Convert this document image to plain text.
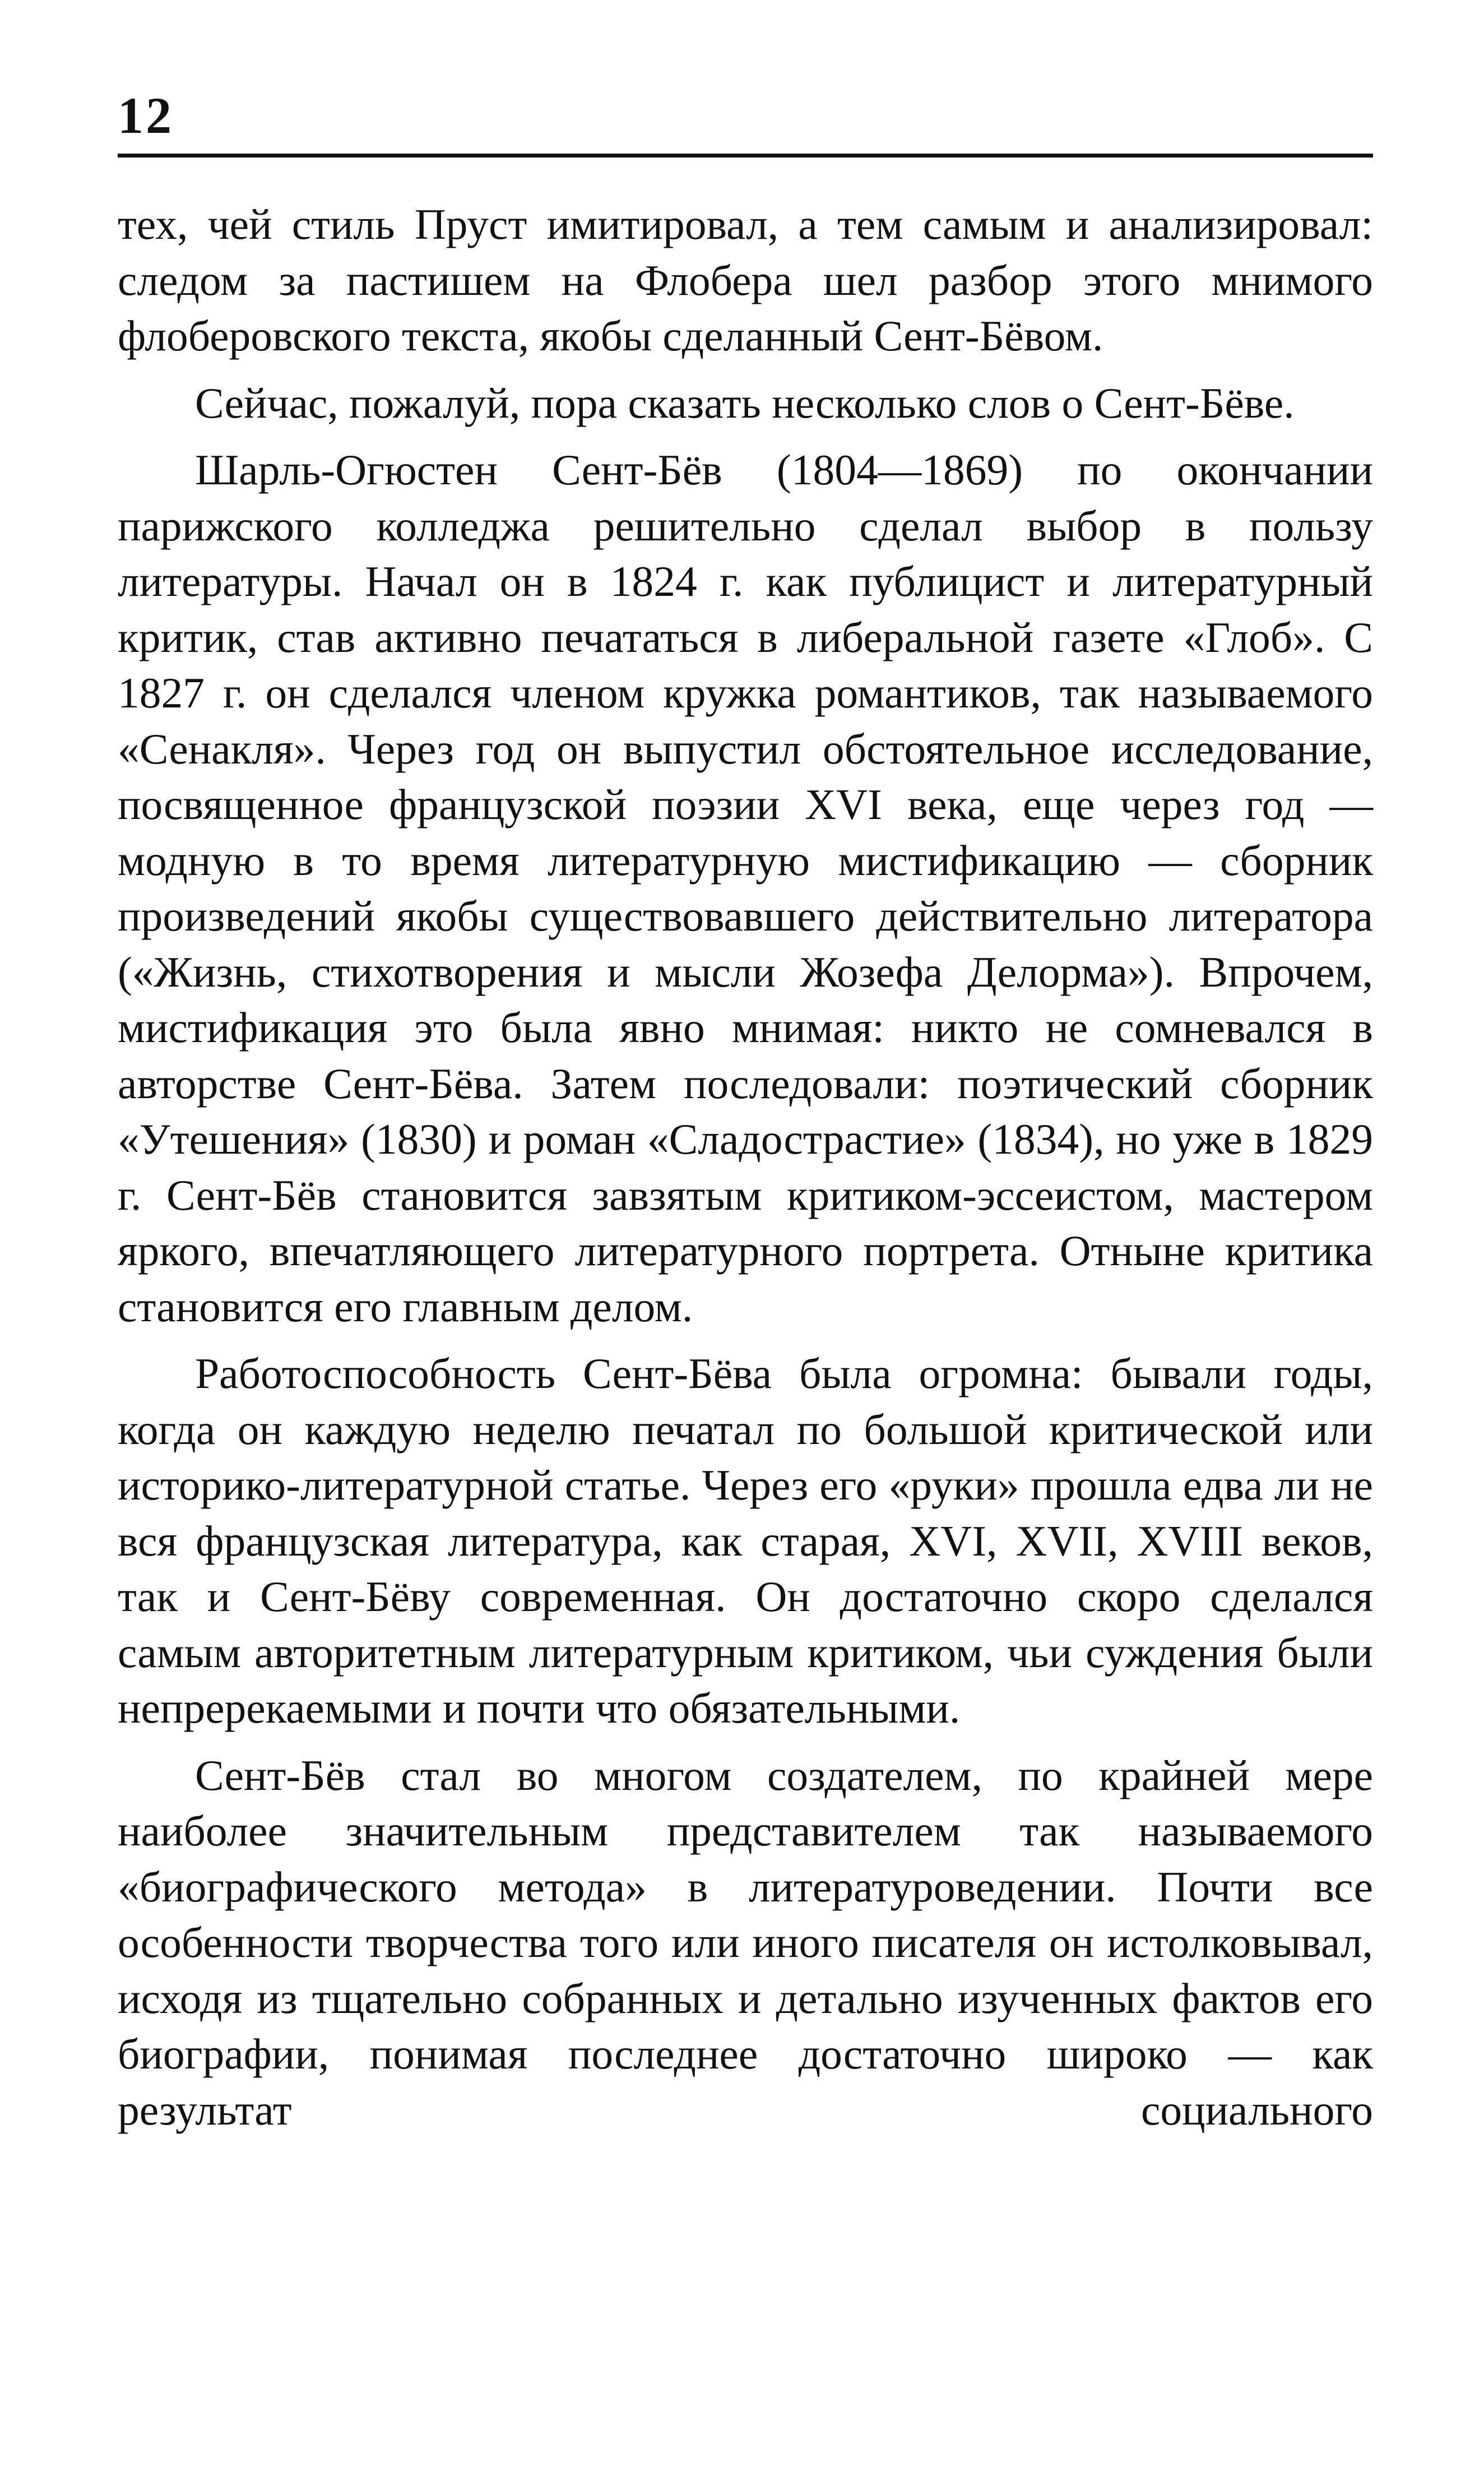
12

тех, чей стиль Пруст имитировал, а тем самым и анализировал: следом за пастишем на Флобера шел разбор этого мнимого флоберовского текста, якобы сделанный Сент-Бёвом.

Сейчас, пожалуй, пора сказать несколько слов о Сент-Бёве.

Шарль-Огюстен Сент-Бёв (1804—1869) по окончании парижского колледжа решительно сделал выбор в пользу литературы. Начал он в 1824 г. как публицист и литературный критик, став активно печататься в либеральной газете «Глоб». С 1827 г. он сделался членом кружка романтиков, так называемого «Сенакля». Через год он выпустил обстоятельное исследование, посвященное французской поэзии XVI века, еще через год — модную в то время литературную мистификацию — сборник произведений якобы существовавшего действительно литератора («Жизнь, стихотворения и мысли Жозефа Делорма»). Впрочем, мистификация это была явно мнимая: никто не сомневался в авторстве Сент-Бёва. Затем последовали: поэтический сборник «Утешения» (1830) и роман «Сладострастие» (1834), но уже в 1829 г. Сент-Бёв становится завзятым критиком-эссеистом, мастером яркого, впечатляющего литературного портрета. Отныне критика становится его главным делом.

Работоспособность Сент-Бёва была огромна: бывали годы, когда он каждую неделю печатал по большой критической или историко-литературной статье. Через его «руки» прошла едва ли не вся французская литература, как старая, XVI, XVII, XVIII веков, так и Сент-Бёву современная. Он достаточно скоро сделался самым авторитетным литературным критиком, чьи суждения были непререкаемыми и почти что обязательными.

Сент-Бёв стал во многом создателем, по крайней мере наиболее значительным представителем так называемого «биографического метода» в литературоведении. Почти все особенности творчества того или иного писателя он истолковывал, исходя из тщательно собранных и детально изученных фактов его биографии, понимая последнее достаточно широко — как результат социального
